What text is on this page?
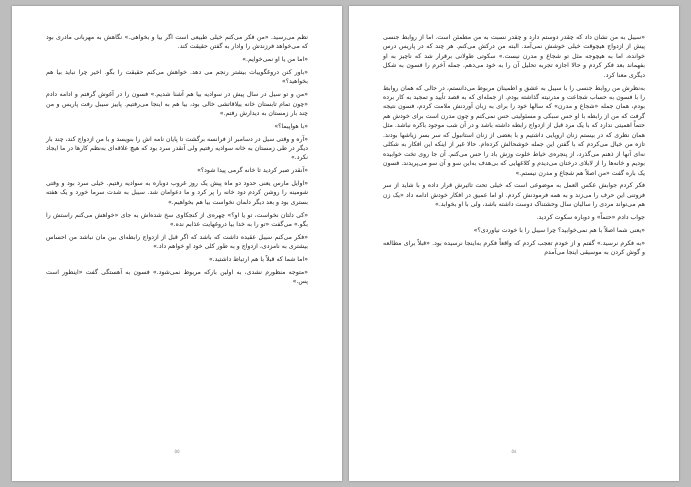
نظم می‌رسید. «من فکر می‌کنم خیلی طبیعی است اگر بیا و بخواهی.» نگاهش به مهربانی مادری بود که می‌خواهد فرزندش را وادار به گفتن حقیقت کند.

«اما من یا او نمی‌خوایم.»

«باور کنن دروغگوییات بیشتر رنجم می دهد. خواهش می‌کنم حقیقت را بگو. اخیر چرا نباید بیا هم بخواهید؟»

«من و تو سیل در سال پیش در سوادیه بیا هم آشنا شدیم.» فسون را در آغوش گرفتم و ادامه دادم «چون تمام تابستان خانه ییلاقاتشی خالی بود، بیا هم به اینجا می‌رفتیم. پاییز سیبل رفت پاریس و من چند بار زمستان به دیدارش رفتم.»

«با هواپیما؟»

«آره و وقتی سیل در دسامبر از فرانسه برگشت تا پایان نامه اش را بنویسد و با من ازدواج کند، چند بار دیگر در طی زمستان به خانه سوادیه رفتیم ولی آنقدر سرد بود که هیچ علاقه‌ای به‌نظم کارها در ما ایجاد نکرد.»

«آنقدر صبر کردید تا خانه گرمی پیدا شود؟»

«اوایل مارس یعنی حدود دو ماه پیش یک روز غروب دوباره به سوادیه رفتیم. خیلی سرد بود و وقتی شومینه را روشن کردم دود خانه را پر کرد و ما دعوامان شد. سیبل به شدت سرما خورد و یک هفته بستری بود و بعد دیگر دلمان نخواست بیا هم بخواهیم.»

«کی دلتان نخواست، تو یا او؟» چهره‌ی از کنجکاوی سخ شده‌اش به جای «خواهش می‌کنم راستش را بگو.» می‌گفت «تو را به خدا بیا دروغهایت عذابم نده.»

«فکر می‌کنم سیبل عقیده داشت که باشد که اگر قبل از ازدواج رابطه‌ای بین مان نباشد من احساس بیشتری به نامزدی، ازدواج و به طور کلی خود او خواهم داد.»

«اما شما که قبلاً با هم ارتباط داشتید.»

«متوجه منظورم نشدی، به اولین بارکه مربوط نمی‌شود.» فسون به آهستگی گفت «اینطور است پس.»

٥٥

«سیبل به من نشان داد که چقدر دوستم دارد و چقدر نسبت به من مطمئن است. اما از روابط جنسی پیش از ازدواج هیچوقت خیلی خوشش نمی‌آمد. البته من درکش می‌کنم. هر چند که در پاریس درس خوانده، اما به هیچوجه مثل تو شجاع و مدرن نیست.» سکوتی طولانی برقرار شد که ناچیز به او بفهماند بعد فکر کردم و حالا اجازه تجربه تحلیل آن را به خود می‌دهم. جمله آخرم را فسون به شکل دیگری معنا کرد.

به‌نظرش من روابط جنسی را با سیبل به عشق و اطمینان مربوط می‌دانستم، در حالی که همان روابط را با فسون به حساب شجاعت و مدرنیته گذاشته بودم. از جمله‌ای که به قصد تأیید و تمجید به کار برده بودم، همان جمله «شجاع و مدرن» که سالها خود را برای به زبان آوردنش ملامت کردم، فسون نتیجه گرفت که من از رابطه با او حس سبکی و مسئولیتی حس نمی‌کنم و چون مدرن است برای خودش هم حتماً اهمیتی ندارد که با یک مرد قبل از ازدواج رابطه داشته باشد و در آن شب موجود باکره نباشد. مثل همان نظری که در بیستم زنان اروپایی داشتیم و با بعضی از زنان استانبول که سر بسر زیاشها بودند. تازه من خیال می‌کردم که با گفتن این جمله خوشحالش کرده‌ام. حالا غیر از اینکه این افکار به شکلی نه‌ای آنها از ذهنم می‌گذرد، از پنجره‌ی خیاط خلوت وزش باد را حس می‌کنم. آن جا روی تخت خوابیده بودیم و خانه‌ها را از لابلای درختان می‌دیدم و کلاغهایی که بی‌هدف به‌این سو و آن سو می‌پریدند. فسون یک باره گفت «من اصلاً هم شجاع و مدرن نیستم.»

فکر کردم جوابش عکس العمل به موضوعی است که خیلی تحت تاثیرش قرار داده و با شاید از سر فروتنی این حرف را می‌زند و به همه فرمودنش کردم. او اما عمیق در افکار خودش ادامه داد «یک زن هم می‌تواند مردی را سالیان سال وحشتناک دوست داشته باشد، ولی با او بخوابد.»

جواب دادم «حتماً» و دوباره سکوت کردید.

«یعنی شما اصلاً با هم نمی‌خوابید؟ چرا سیبل را با خودت نیاوردی؟»

«به فکرم نرسید.» گفتم و از خودم تعجب کردم که واقعاً فکرم به‌اینجا نرسیده بود. «قبلاً برای مطالعه و گوش کردن به موسیقی اینجا می‌آمدم

٥٤
